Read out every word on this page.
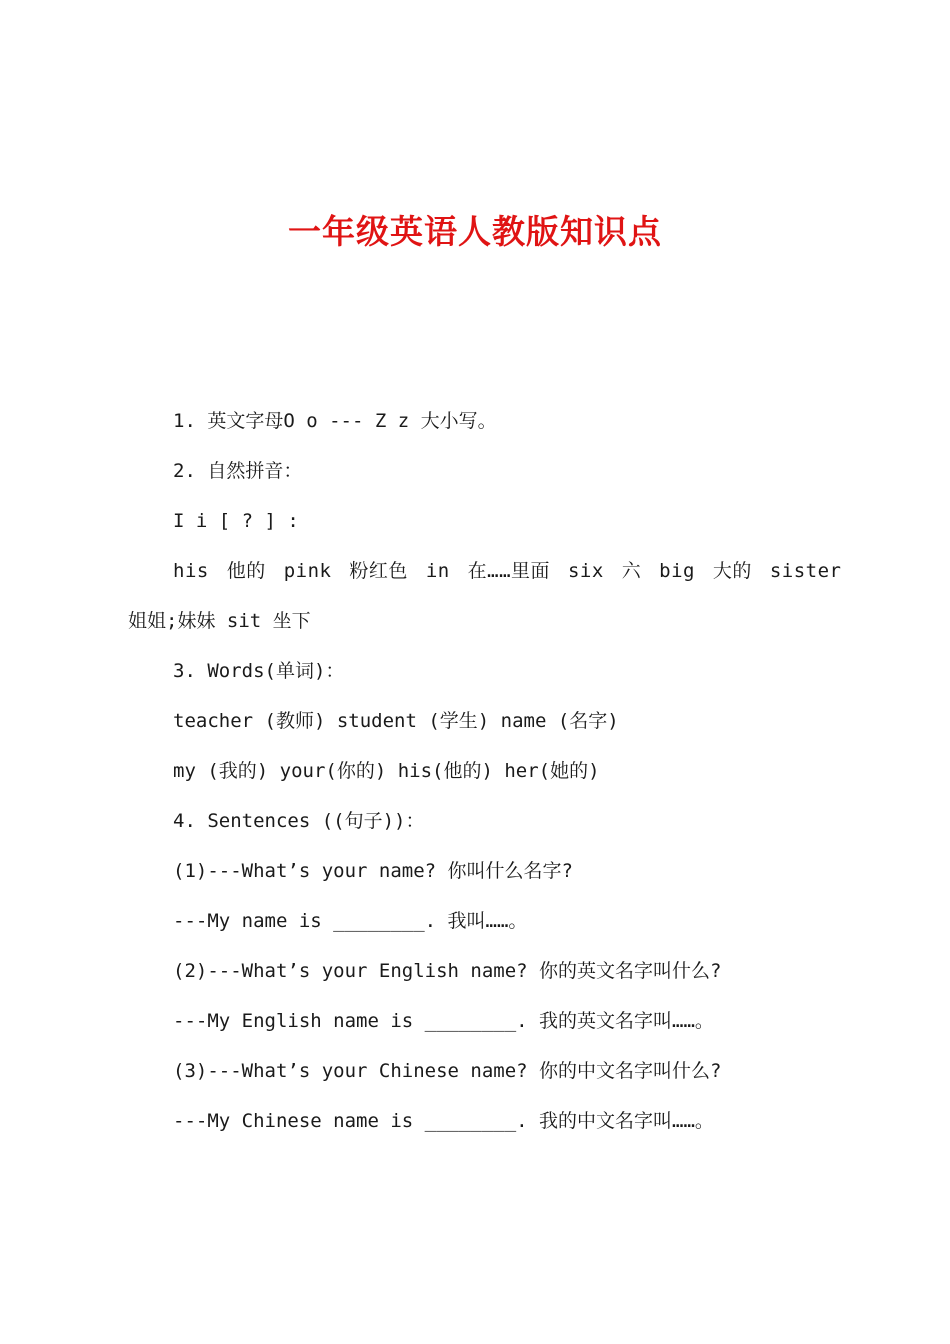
一年级英语人教版知识点

1. 英文字母O o --- Z z 大小写。

2. 自然拼音：

I i [ ? ] :

his 他的 pink 粉红色 in 在……里面 six 六 big 大的 sister

姐姐;妹妹 sit 坐下

3. Words(单词)：

teacher (教师) student (学生) name (名字)

my (我的) your(你的) his(他的) her(她的)

4. Sentences ((句子))：

(1)---What’s your name? 你叫什么名字?

---My name is ________. 我叫……。

(2)---What’s your English name? 你的英文名字叫什么?

---My English name is ________. 我的英文名字叫……。

(3)---What’s your Chinese name? 你的中文名字叫什么?

---My Chinese name is ________. 我的中文名字叫……。
